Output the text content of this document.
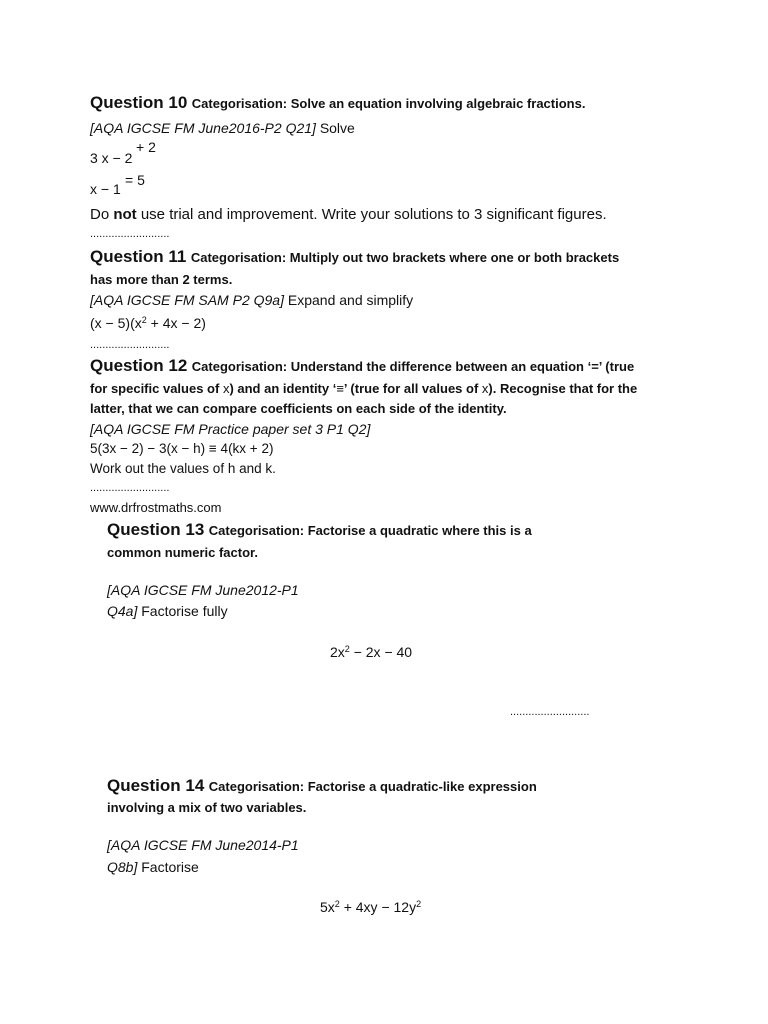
Question 10 Categorisation: Solve an equation involving algebraic fractions.
[AQA IGCSE FM June2016-P2 Q21] Solve
3 x − 2
+ 2
x − 1
= 5
Do not use trial and improvement. Write your solutions to 3 significant figures.
..........................
Question 11 Categorisation: Multiply out two brackets where one or both brackets
has more than 2 terms.
[AQA IGCSE FM SAM P2 Q9a] Expand and simplify
$(x - 5)(x^2 + 4x - 2)$
..........................
Question 12 Categorisation: Understand the difference between an equation ‘=’ (true
for specific values of x) and an identity ‘≡’ (true for all values of x). Recognise that for the
latter, that we can compare coefficients on each side of the identity.
[AQA IGCSE FM Practice paper set 3 P1 Q2]
5(3x − 2) − 3(x − h) ≡ 4(kx + 2)
Work out the values of h and k.
..........................
www.drfrostmaths.com
Question 13 Categorisation: Factorise a quadratic where this is a
common numeric factor.
[AQA IGCSE FM June2012-P1
Q4a] Factorise fully
$2x^2 - 2x - 40$
..........................
Question 14 Categorisation: Factorise a quadratic-like expression
involving a mix of two variables.
[AQA IGCSE FM June2014-P1
Q8b] Factorise
$5x^2 + 4xy - 12y^2$
